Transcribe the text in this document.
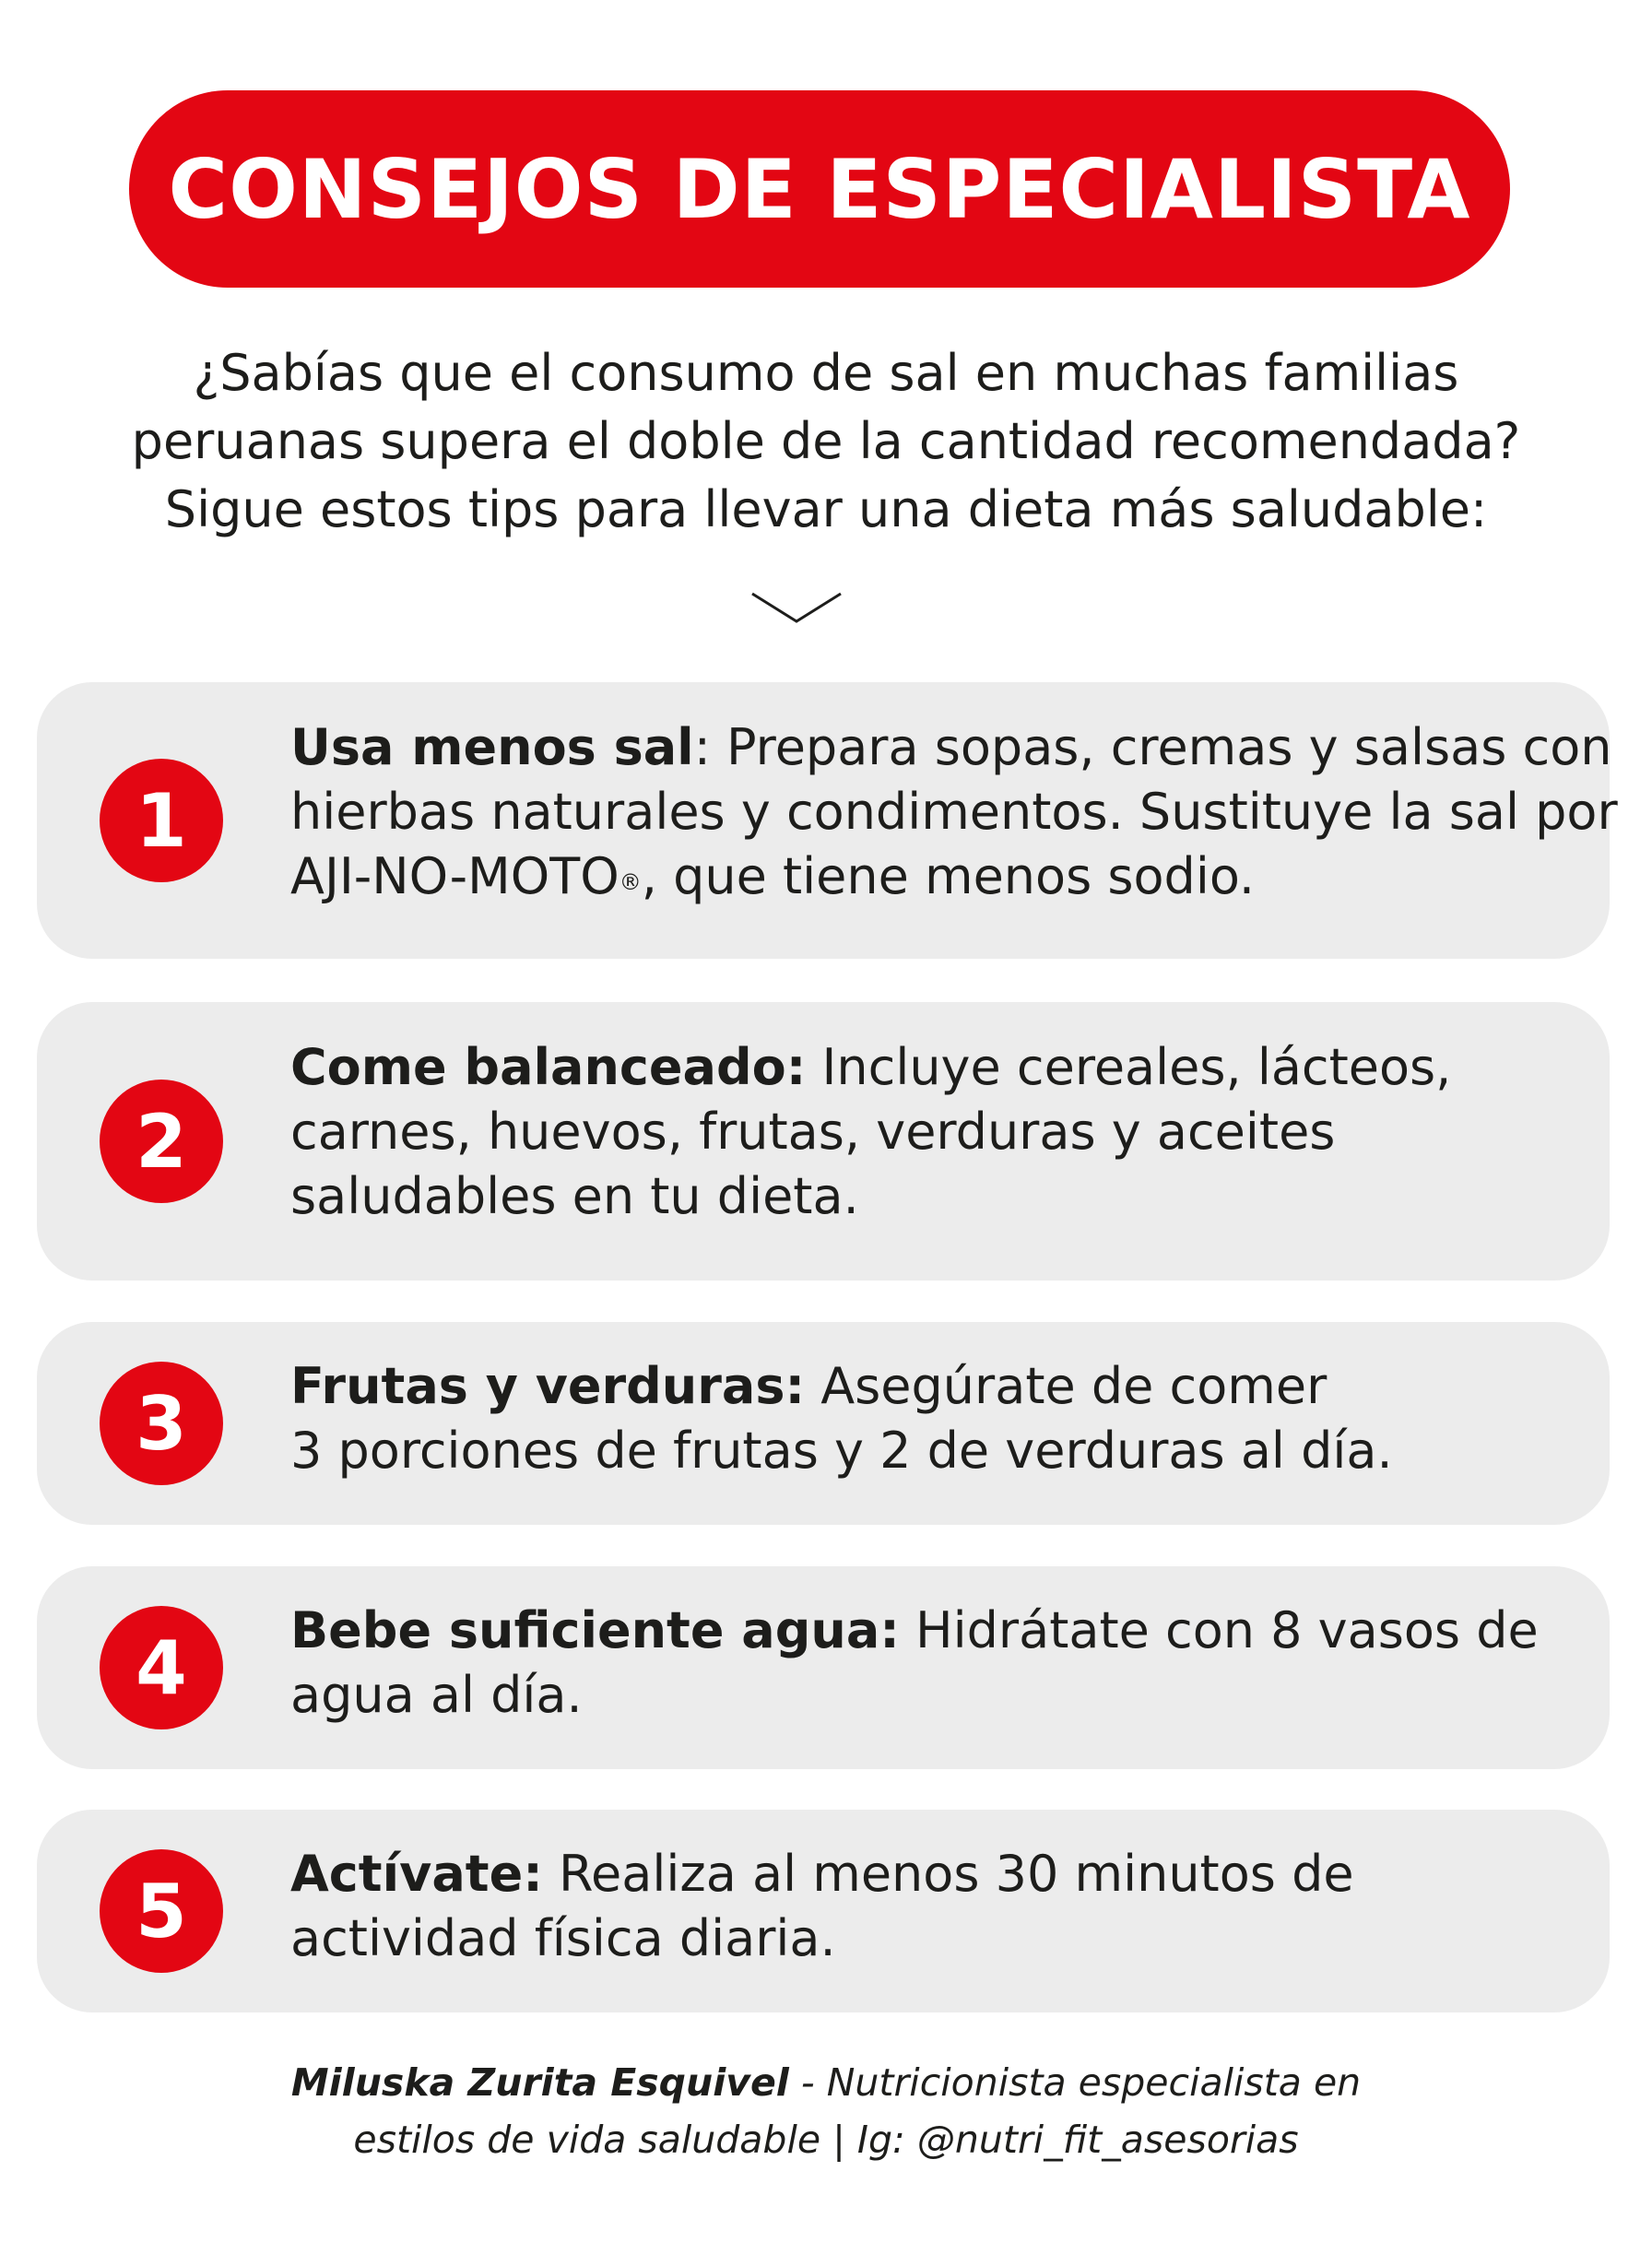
CONSEJOS DE ESPECIALISTA
¿Sabías que el consumo de sal en muchas familias
peruanas supera el doble de la cantidad recomendada?
Sigue estos tips para llevar una dieta más saludable:
1
Usa menos sal: Prepara sopas, cremas y salsas con
hierbas naturales y condimentos. Sustituye la sal por
AJI-NO-MOTO®, que tiene menos sodio.
2
Come balanceado: Incluye cereales, lácteos,
carnes, huevos, frutas, verduras y aceites
saludables en tu dieta.
3	Frutas y verduras: Asegúrate de comer
3 porciones de frutas y 2 de verduras al día.
4	Bebe suficiente agua: Hidrátate con 8 vasos de
agua al día.
5	Actívate: Realiza al menos 30 minutos de
actividad física diaria.
Miluska Zurita Esquivel - Nutricionista especialista en
estilos de vida saludable | Ig: @nutri_fit_asesorias
